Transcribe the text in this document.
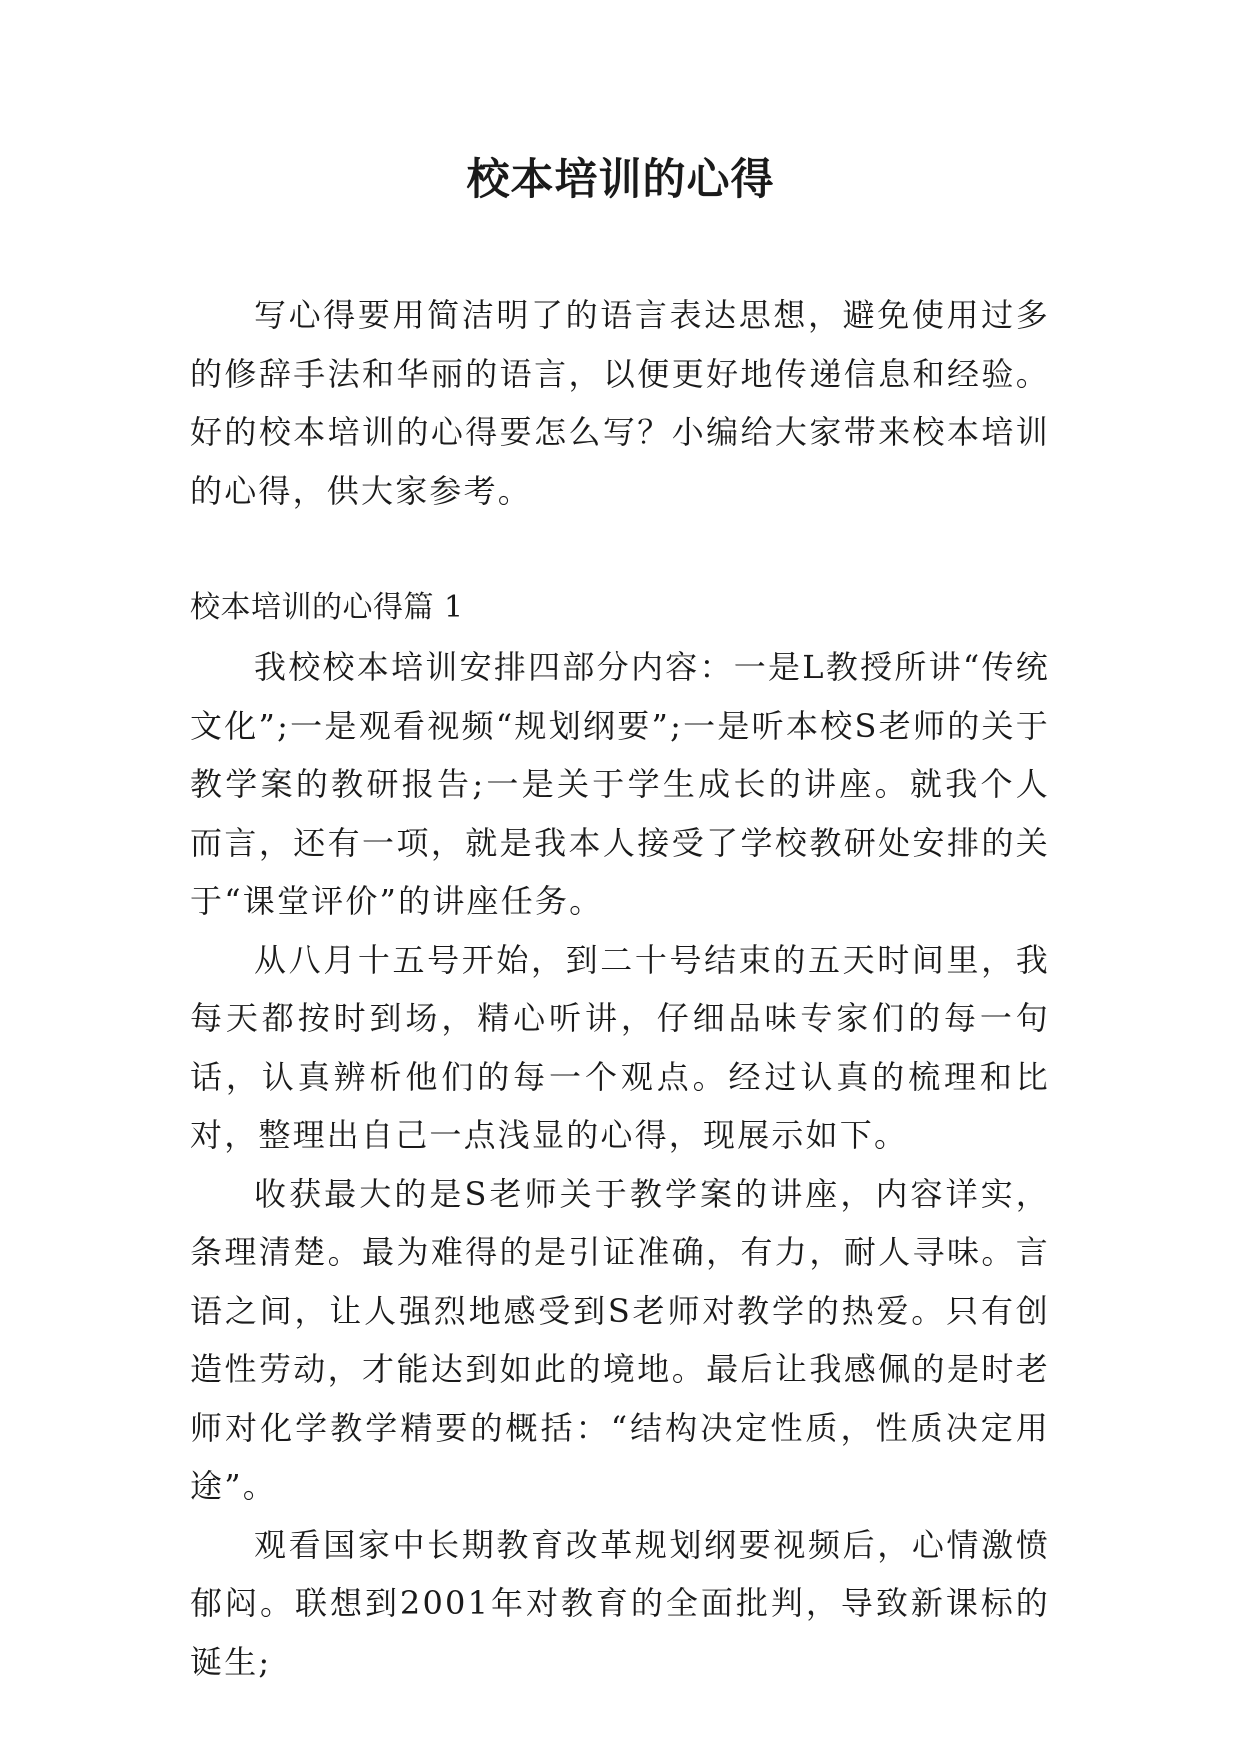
校本培训的心得

写心得要用简洁明了的语言表达思想，避免使用过多的修辞手法和华丽的语言，以便更好地传递信息和经验。好的校本培训的心得要怎么写？小编给大家带来校本培训的心得，供大家参考。

校本培训的心得篇 1

我校校本培训安排四部分内容：一是L教授所讲“传统文化”;一是观看视频“规划纲要”;一是听本校S老师的关于教学案的教研报告;一是关于学生成长的讲座。就我个人而言，还有一项，就是我本人接受了学校教研处安排的关于“课堂评价”的讲座任务。

从八月十五号开始，到二十号结束的五天时间里，我每天都按时到场，精心听讲，仔细品味专家们的每一句话，认真辨析他们的每一个观点。经过认真的梳理和比对，整理出自己一点浅显的心得，现展示如下。

收获最大的是S老师关于教学案的讲座，内容详实，条理清楚。最为难得的是引证准确，有力，耐人寻味。言语之间，让人强烈地感受到S老师对教学的热爱。只有创造性劳动，才能达到如此的境地。最后让我感佩的是时老师对化学教学精要的概括：“结构决定性质，性质决定用途”。

观看国家中长期教育改革规划纲要视频后，心情激愤郁闷。联想到2001年对教育的全面批判，导致新课标的诞生;
